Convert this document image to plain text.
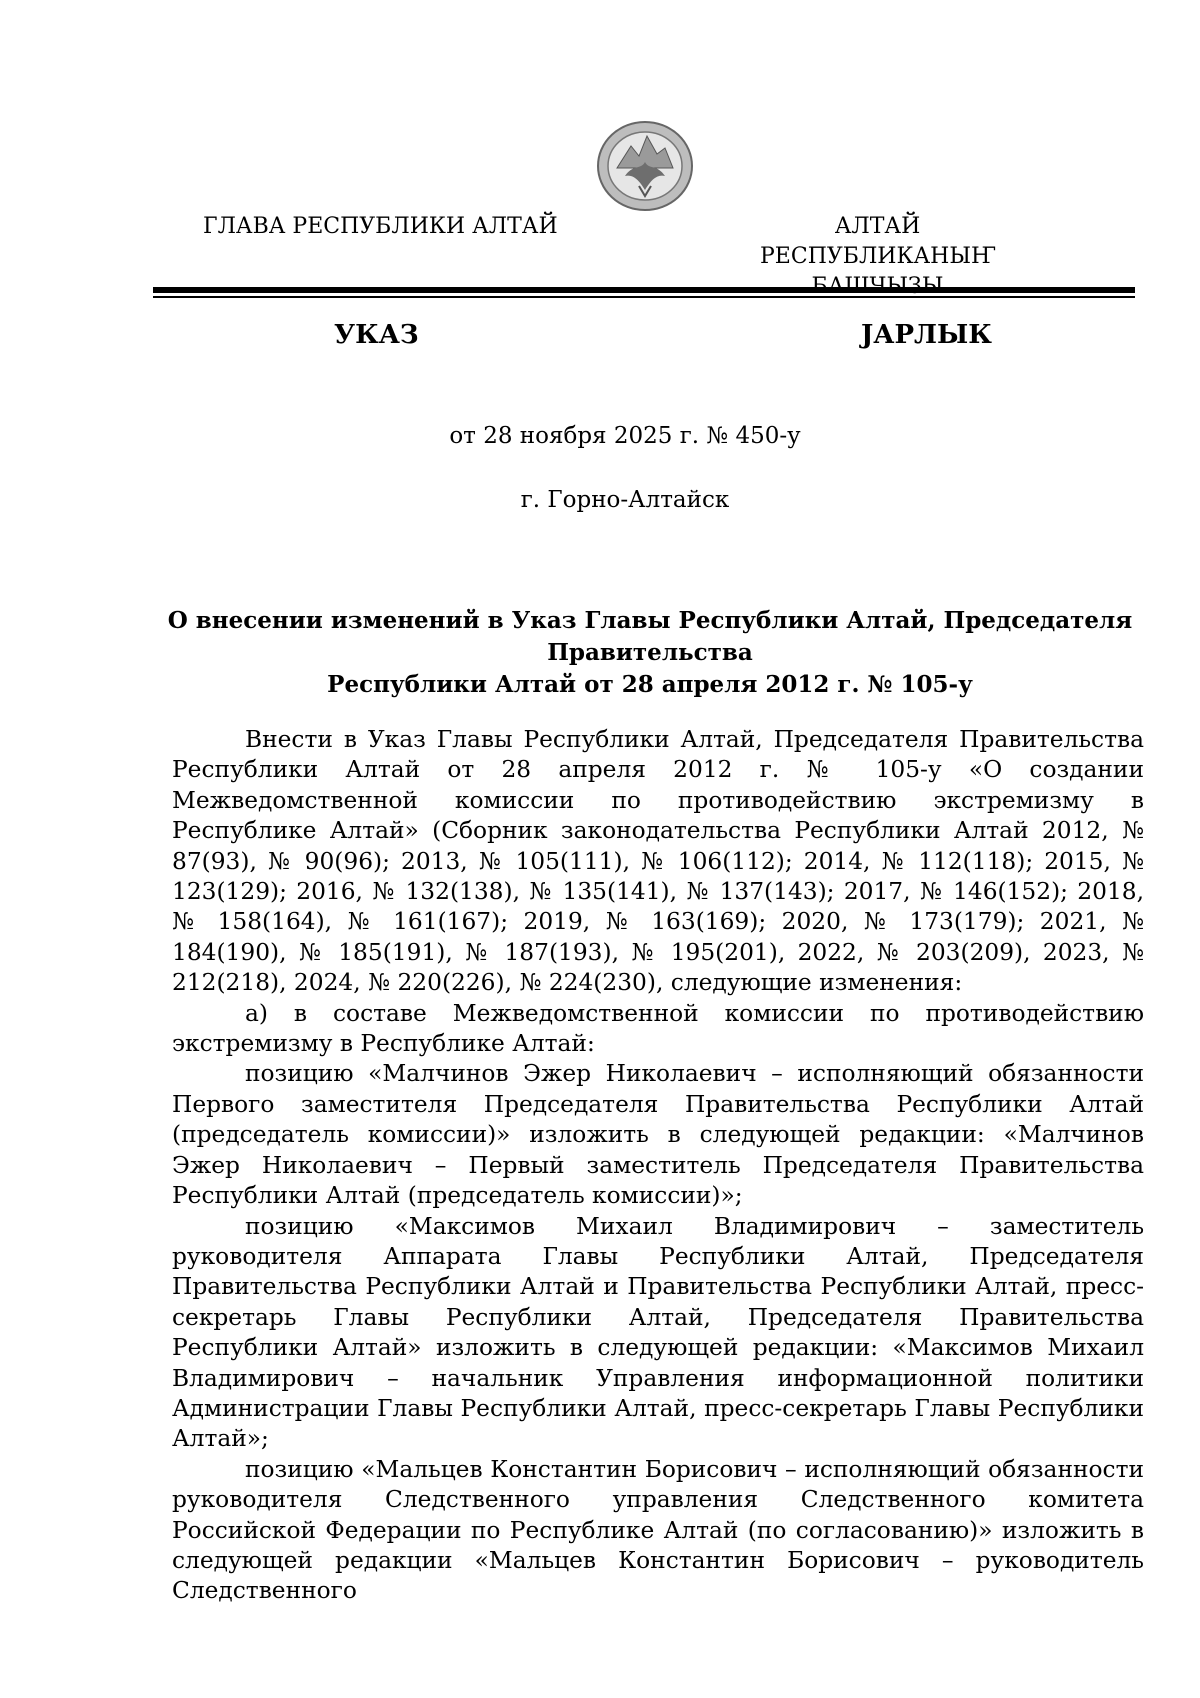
ГЛАВА РЕСПУБЛИКИ АЛТАЙ	АЛТАЙ РЕСПУБЛИКАНЫҤ
УКАЗ	ЈАРЛЫК
от 28 ноября 2025 г. № 450-у
г. Горно-Алтайск
О внесении изменений в Указ Главы Республики Алтай, Председателя Правительства
Республики Алтай от 28 апреля 2012 г. № 105-у

Внести в Указ Главы Республики Алтай, Председателя Правительства Республики Алтай от 28 апреля 2012 г. № 105-у «О создании Межведомственной комиссии по противодействию экстремизму в Республике Алтай» (Сборник законодательства Республики Алтай 2012, № 87(93), № 90(96); 2013, № 105(111), № 106(112); 2014, № 112(118); 2015, № 123(129); 2016, № 132(138), № 135(141), № 137(143); 2017, № 146(152); 2018, № 158(164), № 161(167); 2019, № 163(169); 2020, № 173(179); 2021, № 184(190), № 185(191), № 187(193), № 195(201), 2022, № 203(209), 2023, № 212(218), 2024, № 220(226), № 224(230), следующие изменения:

а) в составе Межведомственной комиссии по противодействию экстремизму в Республике Алтай:

позицию «Малчинов Эжер Николаевич – исполняющий обязанности Первого заместителя Председателя Правительства Республики Алтай (председатель комиссии)» изложить в следующей редакции: «Малчинов Эжер Николаевич – Первый заместитель Председателя Правительства Республики Алтай (председатель комиссии)»;

позицию «Максимов Михаил Владимирович – заместитель руководителя Аппарата Главы Республики Алтай, Председателя Правительства Республики Алтай и Правительства Республики Алтай, пресс-секретарь Главы Республики Алтай, Председателя Правительства Республики Алтай» изложить в следующей редакции: «Максимов Михаил Владимирович – начальник Управления информационной политики Администрации Главы Республики Алтай, пресс-секретарь Главы Республики Алтай»;

позицию «Мальцев Константин Борисович – исполняющий обязанности руководителя Следственного управления Следственного комитета Российской Федерации по Республике Алтай (по согласованию)» изложить в следующей редакции «Мальцев Константин Борисович – руководитель Следственного
